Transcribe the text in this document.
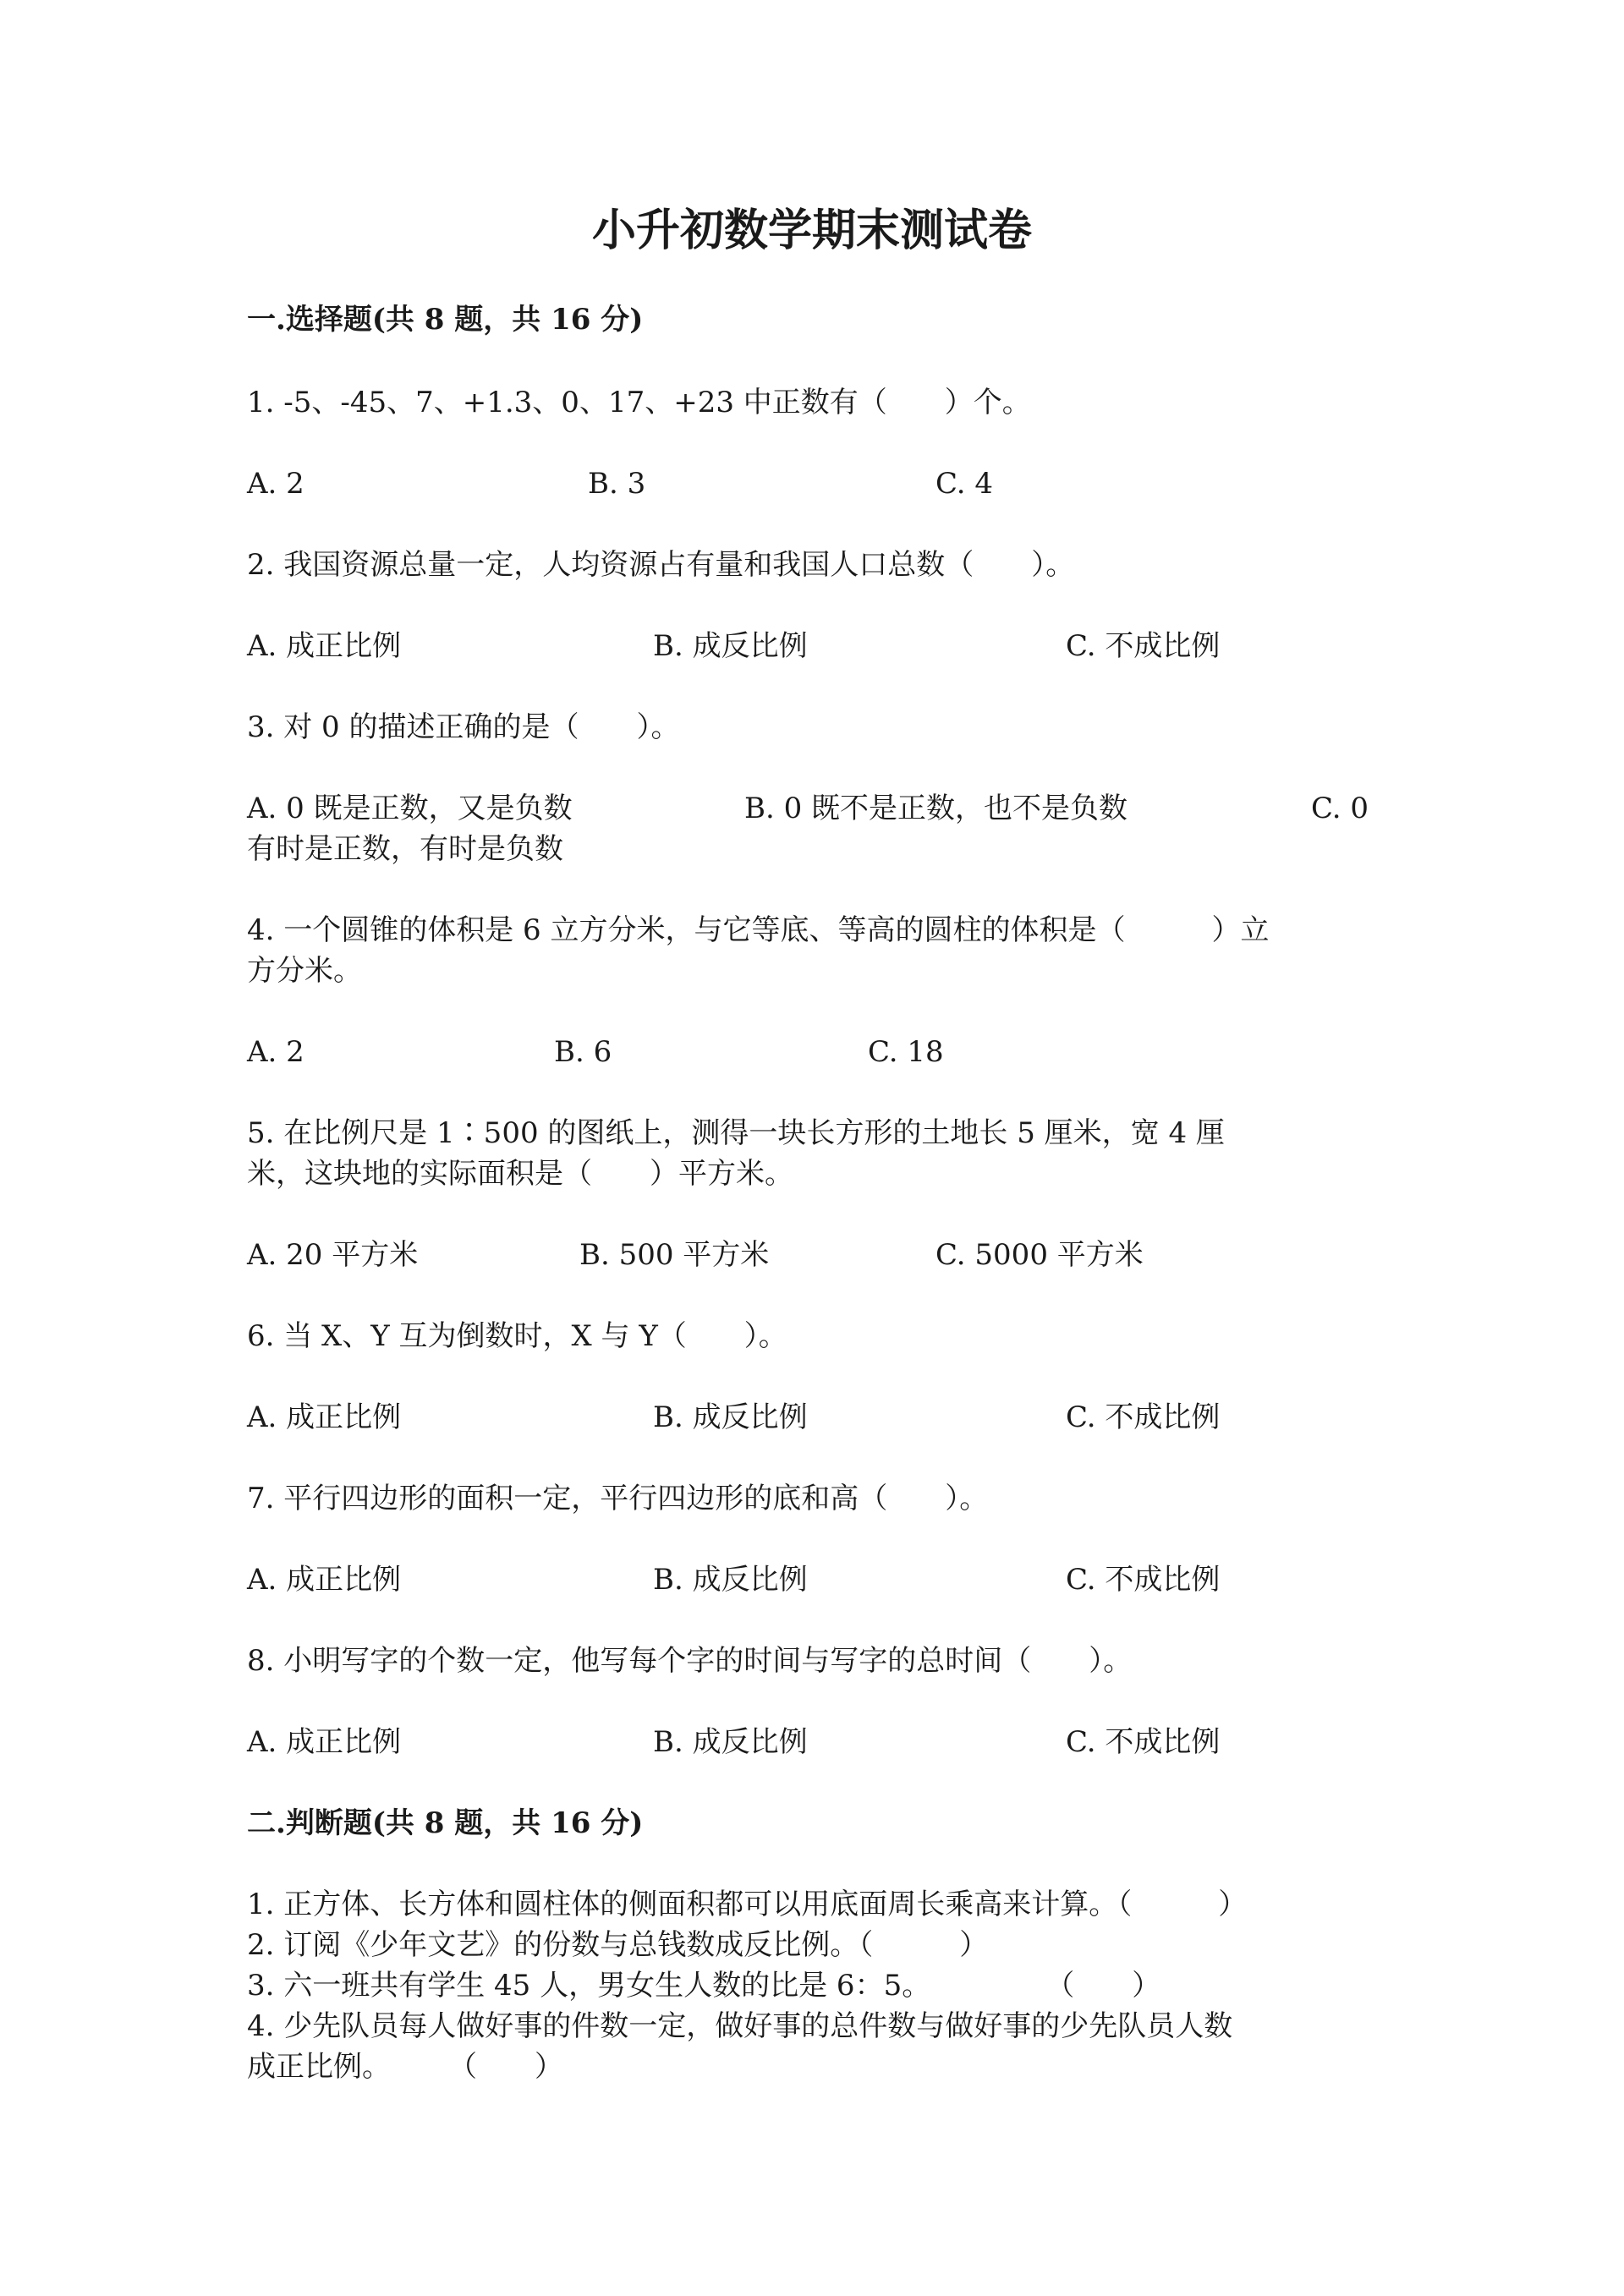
小升初数学期末测试卷
一.选择题(共 8 题，共 16 分)
1. -5、-45、7、+1.3、0、17、+23 中正数有（　　）个。
A. 2	B. 3	C. 4
2. 我国资源总量一定，人均资源占有量和我国人口总数（　　）。
A. 成正比例	B. 成反比例	C. 不成比例
3. 对 0 的描述正确的是（　　）。
A. 0 既是正数，又是负数	B. 0 既不是正数，也不是负数	C. 0
有时是正数，有时是负数
4. 一个圆锥的体积是 6 立方分米，与它等底、等高的圆柱的体积是（　　　）立
方分米。
A. 2	B. 6	C. 18
5. 在比例尺是 1∶500 的图纸上，测得一块长方形的土地长 5 厘米，宽 4 厘
米，这块地的实际面积是（　　）平方米。
A. 20 平方米	B. 500 平方米	C. 5000 平方米
6. 当 X、Y 互为倒数时，X 与 Y（　　）。
A. 成正比例	B. 成反比例	C. 不成比例
7. 平行四边形的面积一定，平行四边形的底和高（　　）。
A. 成正比例	B. 成反比例	C. 不成比例
8. 小明写字的个数一定，他写每个字的时间与写字的总时间（　　）。
A. 成正比例	B. 成反比例	C. 不成比例
二.判断题(共 8 题，共 16 分)
1. 正方体、长方体和圆柱体的侧面积都可以用底面周长乘高来计算。（　　　）
2. 订阅《少年文艺》的份数与总钱数成反比例。（　　　）
3. 六一班共有学生 45 人，男女生人数的比是 6：5。　　　　　（　　）
4. 少先队员每人做好事的件数一定，做好事的总件数与做好事的少先队员人数
成正比例。　　　（　　）
